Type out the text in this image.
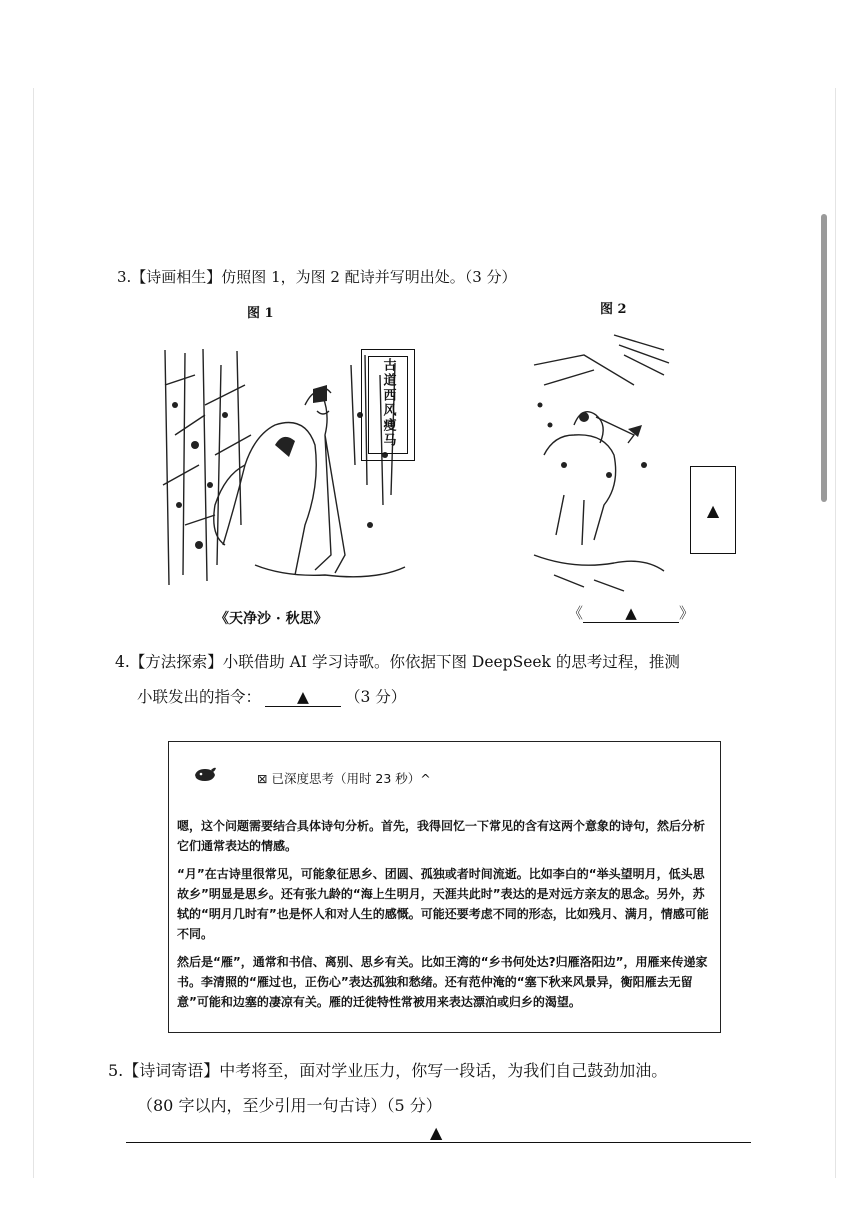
3.【诗画相生】仿照图 1，为图 2 配诗并写明出处。（3 分）
图 1	图 2
古道西风瘦马
▲
《天净沙 · 秋思》	《	▲	》
4.【方法探索】小联借助 AI 学习诗歌。你依据下图 DeepSeek 的思考过程，推测
小联发出的指令： ▲ （3 分）
⊠ 已深度思考（用时 23 秒）^

嗯，这个问题需要结合具体诗句分析。首先，我得回忆一下常见的含有这两个意象的诗句，然后分析它们通常表达的情感。

“月”在古诗里很常见，可能象征思乡、团圆、孤独或者时间流逝。比如李白的“举头望明月，低头思故乡”明显是思乡。还有张九龄的“海上生明月，天涯共此时”表达的是对远方亲友的思念。另外，苏轼的“明月几时有”也是怀人和对人生的感慨。可能还要考虑不同的形态，比如残月、满月，情感可能不同。

然后是“雁”，通常和书信、离别、思乡有关。比如王湾的“乡书何处达?归雁洛阳边”，用雁来传递家书。李清照的“雁过也，正伤心”表达孤独和愁绪。还有范仲淹的“塞下秋来风景异，衡阳雁去无留意”可能和边塞的凄凉有关。雁的迁徙特性常被用来表达漂泊或归乡的渴望。

5.【诗词寄语】中考将至，面对学业压力，你写一段话，为我们自己鼓劲加油。
（80 字以内，至少引用一句古诗）（5 分）
▲
